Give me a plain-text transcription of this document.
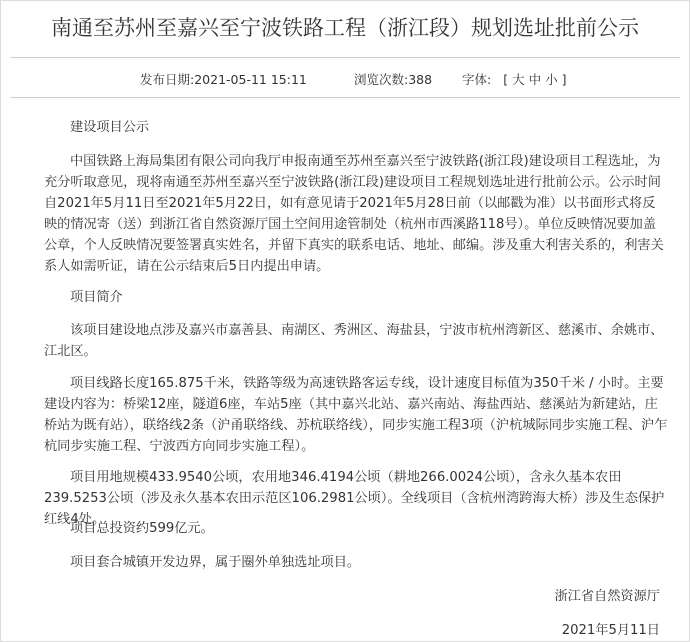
南通至苏州至嘉兴至宁波铁路工程（浙江段）规划选址批前公示
发布日期:2021-05-11 15:11	浏览次数:388 字体: [ 大 中 小 ]

建设项目公示

中国铁路上海局集团有限公司向我厅申报南通至苏州至嘉兴至宁波铁路(浙江段)建设项目工程选址，为充分听取意见，现将南通至苏州至嘉兴至宁波铁路(浙江段)建设项目工程规划选址进行批前公示。公示时间自2021年5月11日至2021年5月22日，如有意见请于2021年5月28日前（以邮戳为准）以书面形式将反映的情况寄（送）到浙江省自然资源厅国土空间用途管制处（杭州市西溪路118号）。单位反映情况要加盖公章，个人反映情况要签署真实姓名，并留下真实的联系电话、地址、邮编。涉及重大利害关系的，利害关系人如需听证，请在公示结束后5日内提出申请。

项目简介

该项目建设地点涉及嘉兴市嘉善县、南湖区、秀洲区、海盐县，宁波市杭州湾新区、慈溪市、余姚市、江北区。

项目线路长度165.875千米，铁路等级为高速铁路客运专线，设计速度目标值为350千米 / 小时。主要建设内容为：桥梁12座，隧道6座，车站5座（其中嘉兴北站、嘉兴南站、海盐西站、慈溪站为新建站，庄桥站为既有站），联络线2条（沪甬联络线、苏杭联络线），同步实施工程3项（沪杭城际同步实施工程、沪乍杭同步实施工程、宁波西方向同步实施工程）。

项目用地规模433.9540公顷，农用地346.4194公顷（耕地266.0024公顷），含永久基本农田239.5253公顷（涉及永久基本农田示范区106.2981公顷）。全线项目（含杭州湾跨海大桥）涉及生态保护红线4处。

项目总投资约599亿元。

项目套合城镇开发边界，属于圈外单独选址项目。

浙江省自然资源厅
2021年5月11日
